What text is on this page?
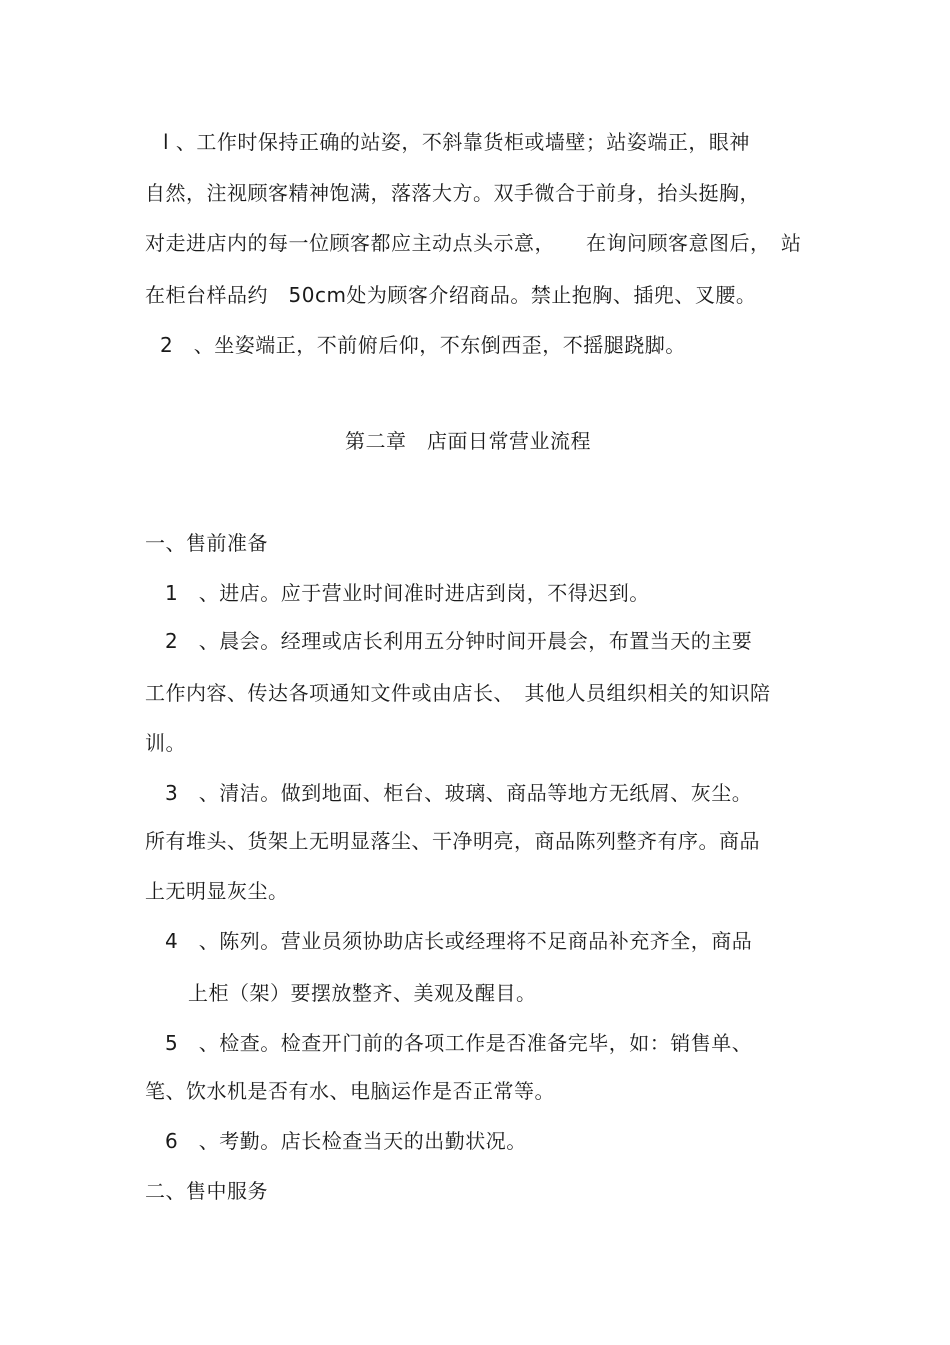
l 、工作时保持正确的站姿，不斜靠货柜或墙壁；站姿端正，眼神
自然，注视顾客精神饱满，落落大方。双手微合于前身，抬头挺胸，
对走进店内的每一位顾客都应主动点头示意，　　在询问顾客意图后，　站
在柜台样品约　50cm处为顾客介绍商品。禁止抱胸、插兜、叉腰。
2　、坐姿端正，不前俯后仰，不东倒西歪，不摇腿跷脚。
第二章　店面日常营业流程
一、售前准备
1　、进店。应于营业时间准时进店到岗，不得迟到。
2　、晨会。经理或店长利用五分钟时间开晨会，布置当天的主要
工作内容、传达各项通知文件或由店长、　其他人员组织相关的知识陪
训。
3　、清洁。做到地面、柜台、玻璃、商品等地方无纸屑、灰尘。
所有堆头、货架上无明显落尘、干净明亮，商品陈列整齐有序。商品
上无明显灰尘。
4　、陈列。营业员须协助店长或经理将不足商品补充齐全，商品
上柜（架）要摆放整齐、美观及醒目。
5　、检查。检查开门前的各项工作是否准备完毕，如：销售单、
笔、饮水机是否有水、电脑运作是否正常等。
6　、考勤。店长检查当天的出勤状况。
二、售中服务
